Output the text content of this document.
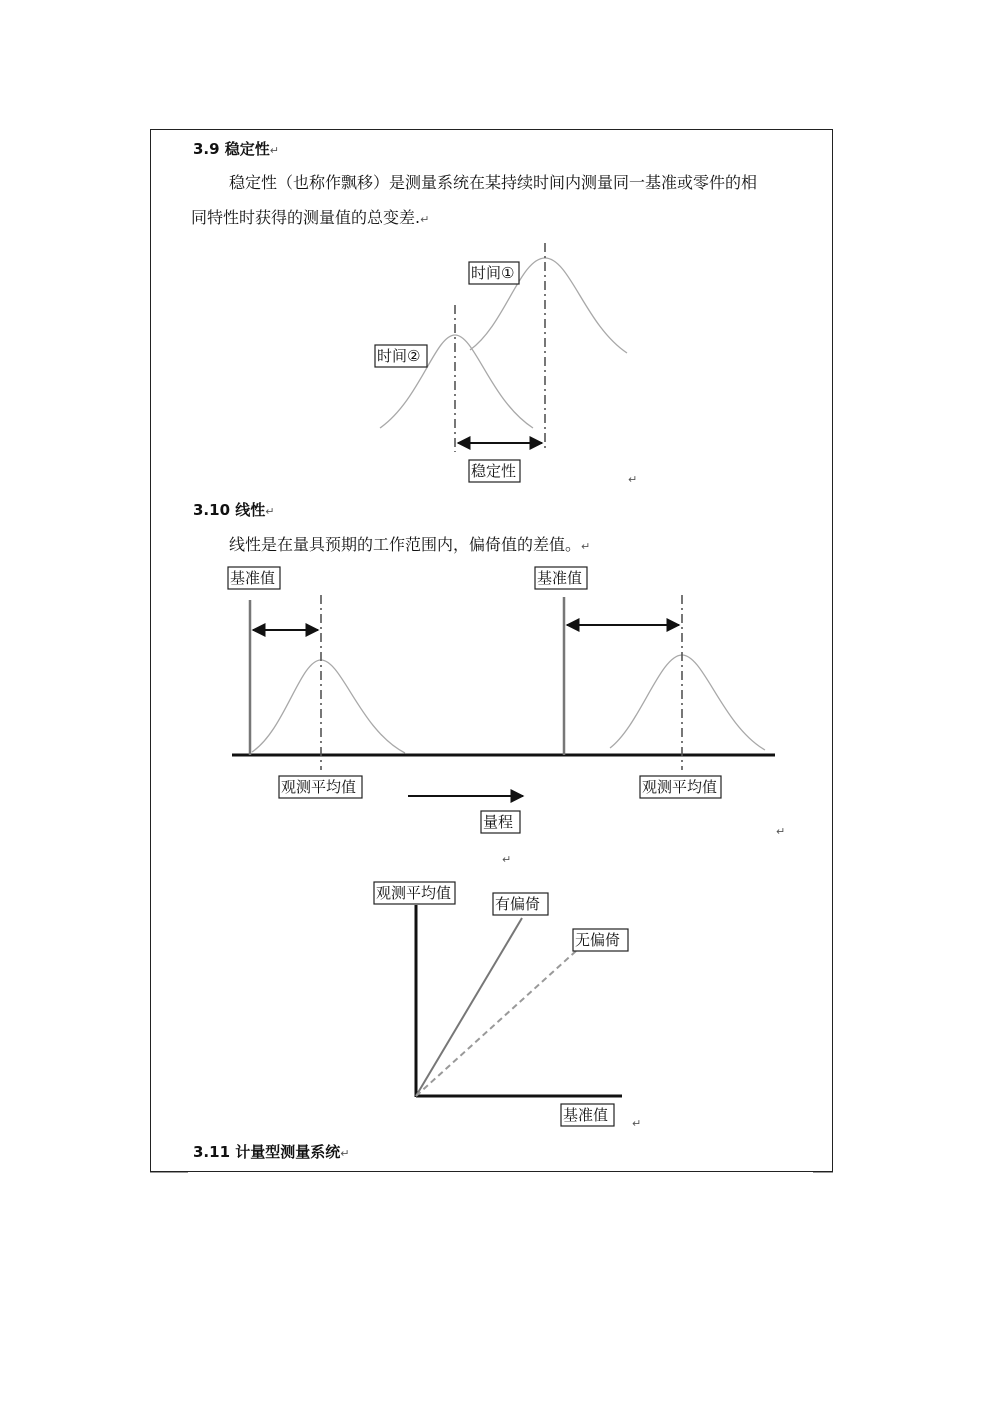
3.9 稳定性↵
稳定性（也称作飘移）是测量系统在某持续时间内测量同一基准或零件的相
同特性时获得的测量值的总变差.↵
3.10 线性↵
线性是在量具预期的工作范围内，偏倚值的差值。↵
3.11 计量型测量系统↵
↵
↵
↵
↵
时间①
时间②
稳定性
基准值	基准值
观测平均值	观测平均值
量程
观测平均值
有偏倚
无偏倚
基准值
